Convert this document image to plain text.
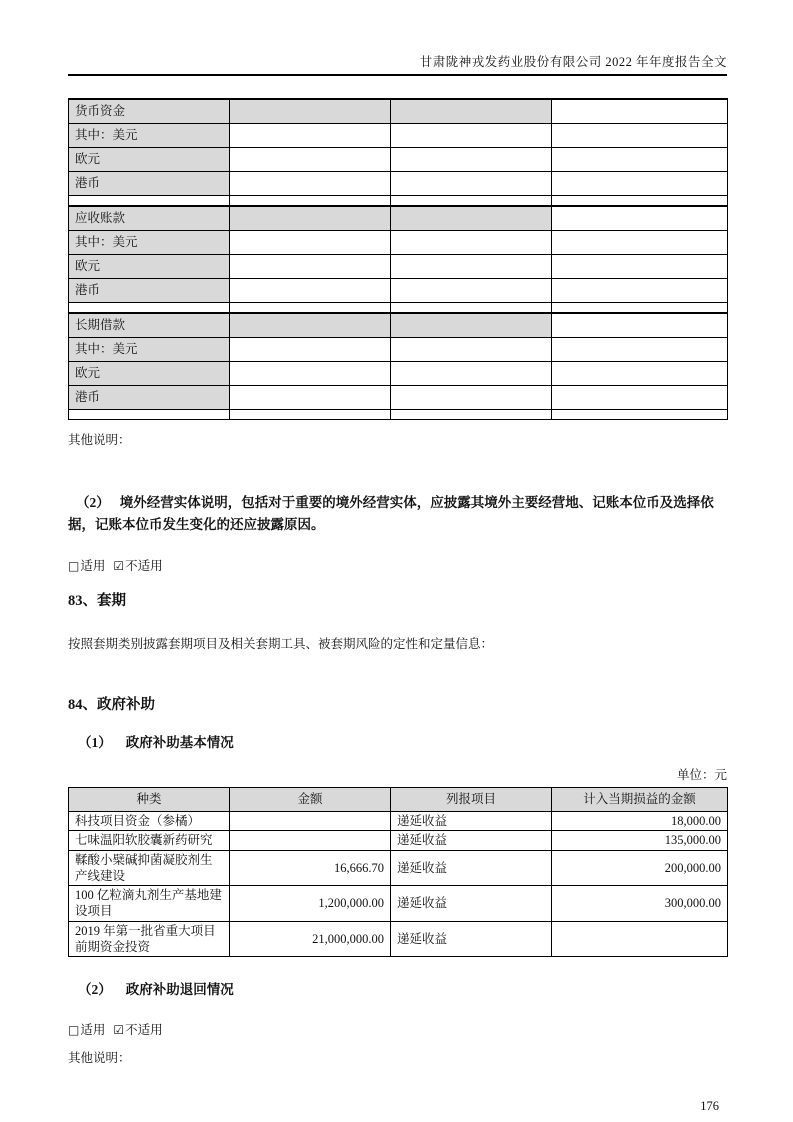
甘肃陇神戎发药业股份有限公司 2022 年年度报告全文
货币资金			
其中：美元			
欧元			
港币			

应收账款			
其中：美元			
欧元			
港币			

长期借款			
其中：美元			
欧元			
港币			

其他说明：

（2） 境外经营实体说明，包括对于重要的境外经营实体，应披露其境外主要经营地、记账本位币及选择依据，记账本位币发生变化的还应披露原因。

□适用 ☑不适用

83、套期

按照套期类别披露套期项目及相关套期工具、被套期风险的定性和定量信息：

84、政府补助
（1） 政府补助基本情况
单位：元
种类	金额	列报项目	计入当期损益的金额
科技项目资金（参橘）		递延收益	18,000.00
七味温阳软胶囊新药研究		递延收益	135,000.00
鞣酸小檗碱抑菌凝胶剂生产线建设	16,666.70	递延收益	200,000.00
100 亿粒滴丸剂生产基地建设项目	1,200,000.00	递延收益	300,000.00
2019 年第一批省重大项目前期资金投资	21,000,000.00	递延收益	
（2） 政府补助退回情况

□适用 ☑不适用

其他说明：

176
